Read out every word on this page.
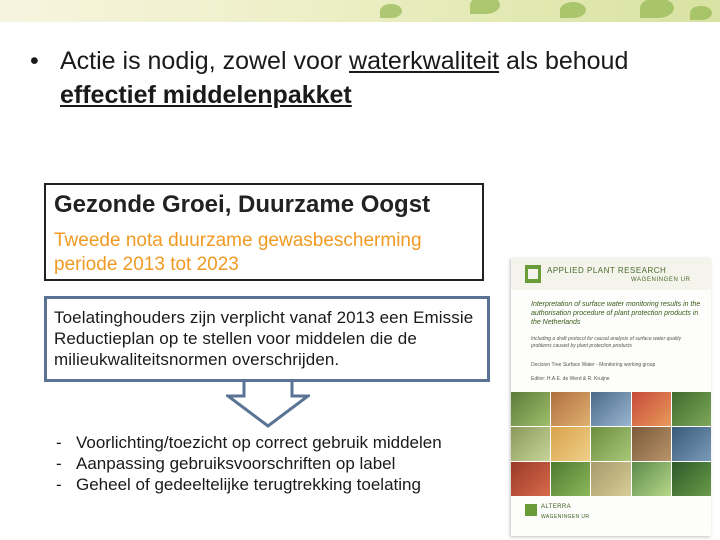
• Actie is nodig, zowel voor waterkwaliteit als behoud effectief middelenpakket
Gezonde Groei, Duurzame Oogst
Tweede nota duurzame gewasbescherming
periode 2013 tot 2023
Toelatinghouders zijn verplicht vanaf 2013 een Emissie Reductieplan op te stellen voor middelen die de milieukwaliteitsnormen overschrijden.
- Voorlichting/toezicht op correct gebruik middelen
- Aanpassing gebruiksvoorschriften op label
- Geheel of gedeeltelijke terugtrekking toelating
APPLIED PLANT RESEARCH
WAGENINGEN UR
Interpretation of surface water monitoring results in the authorisation procedure of plant protection products in the Netherlands
Including a draft protocol for causal analysis of surface water quality problems caused by plant protection products
Decision Tree Surface Water - Monitoring working group
Editor: H.A.E. de Werd & R. Kruijne
ALTERRA
WAGENINGEN UR
